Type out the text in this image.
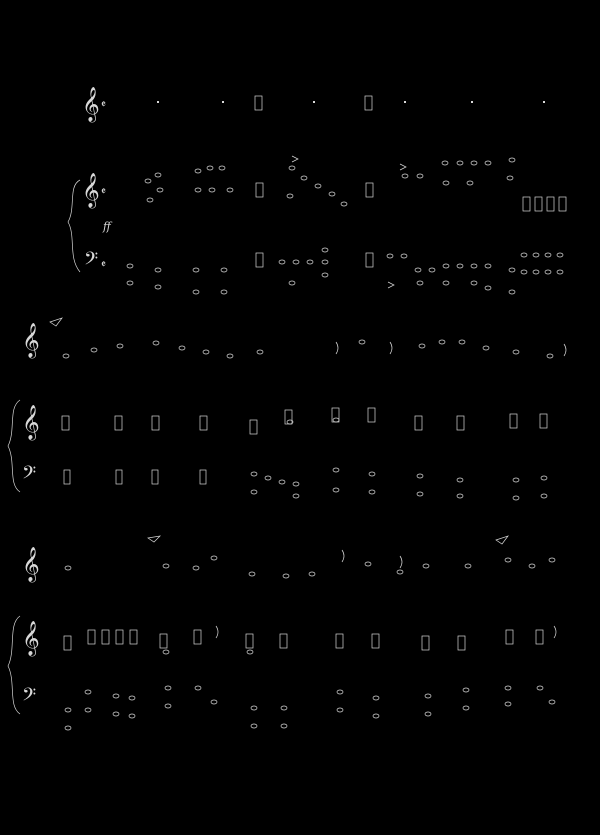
𝄞 𝄵
𝄞 𝄵
ff
𝄢 𝄵
𝄞
𝄞
𝄢
𝄞
𝄞
𝄢
